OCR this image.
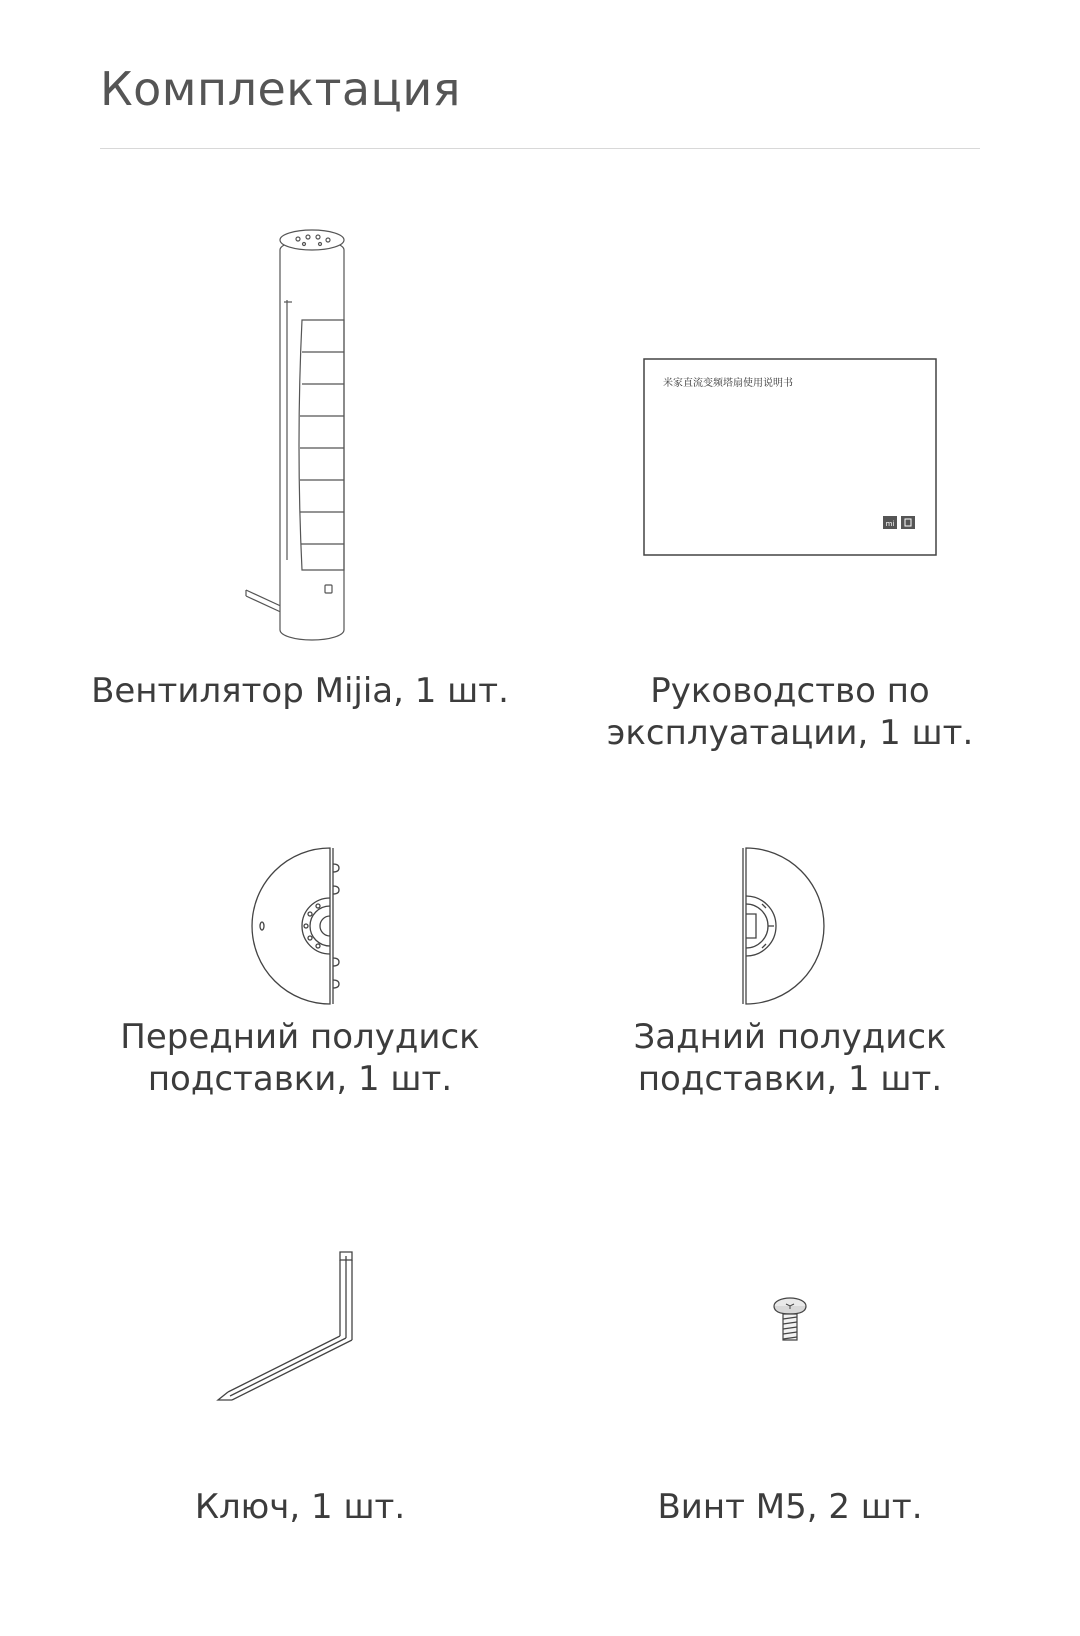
Комплектация
Вентилятор Mijia, 1 шт.
米家直流变频塔扇使用说明书
mi
Руководство по
эксплуатации, 1 шт.
Передний полудиск
подставки, 1 шт.
Задний полудиск
подставки, 1 шт.
Ключ, 1 шт.	Винт M5, 2 шт.
